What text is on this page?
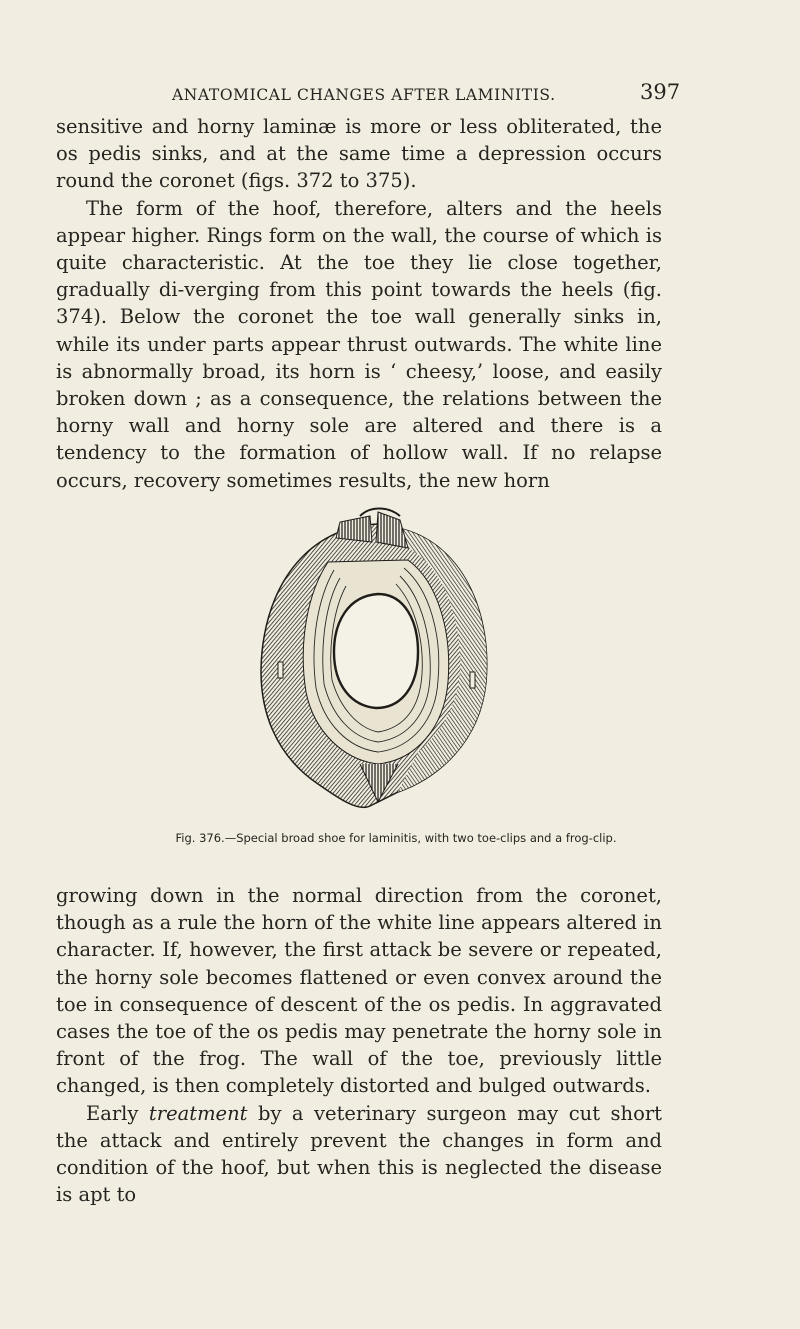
ANATOMICAL CHANGES AFTER LAMINITIS.	397

sensitive and horny laminæ is more or less obliterated, the os pedis sinks, and at the same time a depression occurs round the coronet (figs. 372 to 375).

The form of the hoof, therefore, alters and the heels appear higher. Rings form on the wall, the course of which is quite characteristic. At the toe they lie close together, gradually di-verging from this point towards the heels (fig. 374). Below the coronet the toe wall generally sinks in, while its under parts appear thrust outwards. The white line is abnormally broad, its horn is ‘ cheesy,’ loose, and easily broken down ; as a consequence, the relations between the horny wall and horny sole are altered and there is a tendency to the formation of hollow wall. If no relapse occurs, recovery sometimes results, the new horn

Fig. 376.—Special broad shoe for laminitis, with two toe-clips and a frog-clip.

growing down in the normal direction from the coronet, though as a rule the horn of the white line appears altered in character. If, however, the first attack be severe or repeated, the horny sole becomes flattened or even convex around the toe in consequence of descent of the os pedis. In aggravated cases the toe of the os pedis may penetrate the horny sole in front of the frog. The wall of the toe, previously little changed, is then completely distorted and bulged outwards.

Early treatment by a veterinary surgeon may cut short the attack and entirely prevent the changes in form and condition of the hoof, but when this is neglected the disease is apt to
